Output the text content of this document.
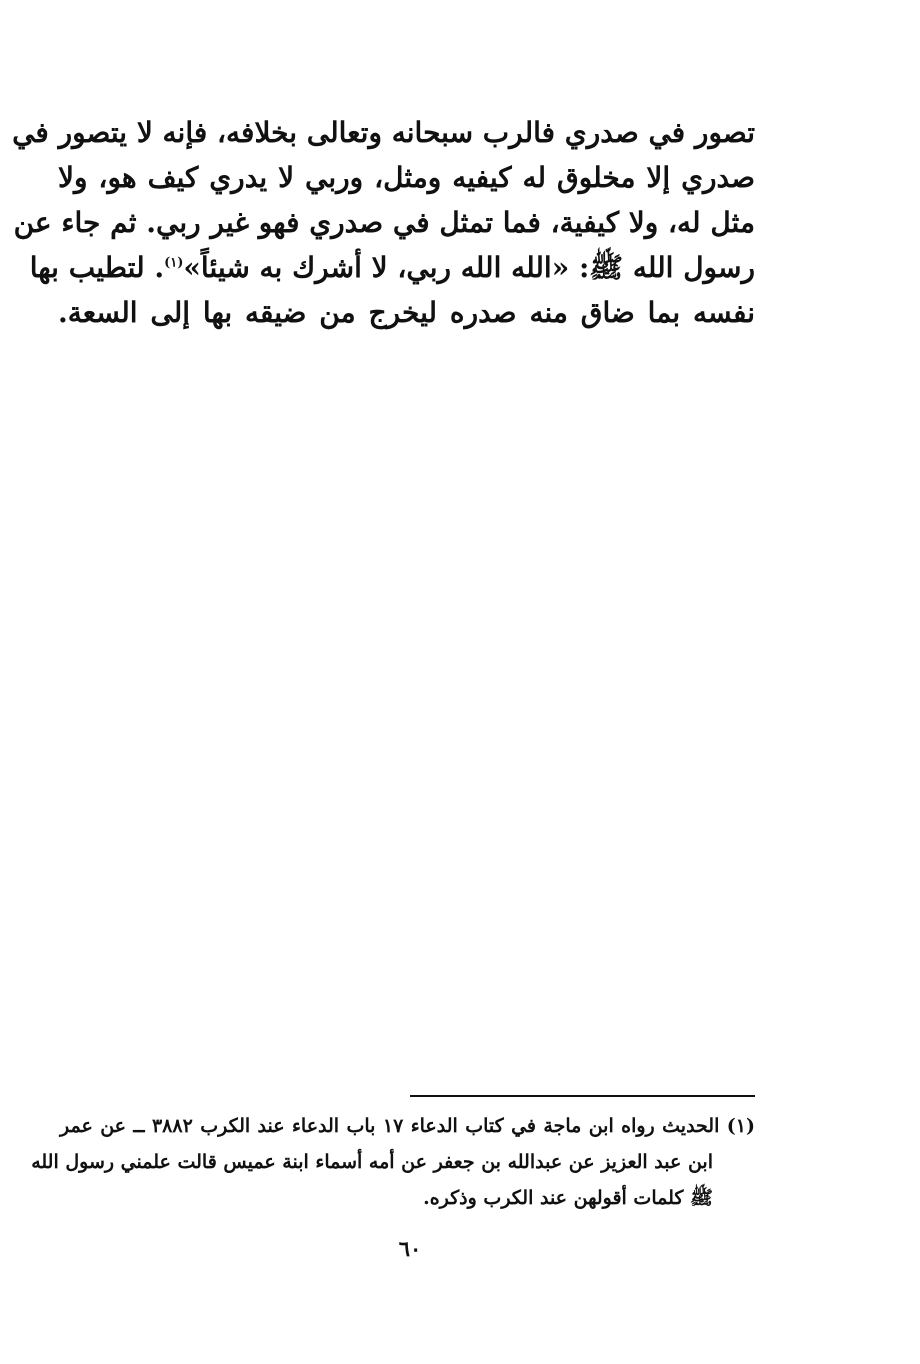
تصور في صدري فالرب سبحانه وتعالى بخلافه، فإنه لا يتصور في
صدري إلا مخلوق له كيفيه ومثل، وربي لا يدري كيف هو، ولا
مثل له، ولا كيفية، فما تمثل في صدري فهو غير ربي. ثم جاء عن
رسول الله ﷺ: «الله الله ربي، لا أشرك به شيئاً»$^{(١)}$. لتطيب بها
نفسه بما ضاق منه صدره ليخرج من ضيقه بها إلى السعة.
(١) الحديث رواه ابن ماجة في كتاب الدعاء ١٧ باب الدعاء عند الكرب ٣٨٨٢ ــ عن عمر
ابن عبد العزيز عن عبدالله بن جعفر عن أمه أسماء ابنة عميس قالت علمني رسول الله
ﷺ كلمات أقولهن عند الكرب وذكره.
٦٠
